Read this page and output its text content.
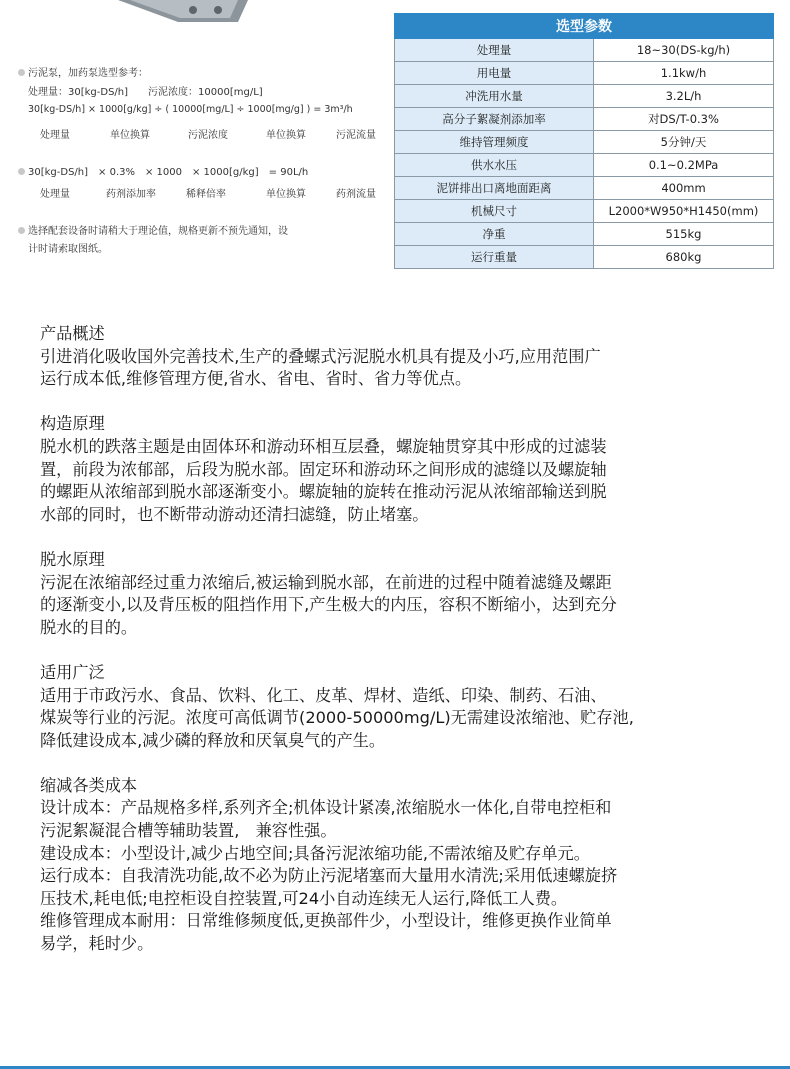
污泥泵，加药泵选型参考：
处理量：30[kg-DS/h]　　污泥浓度：10000[mg/L]
30[kg-DS/h] × 1000[g/kg] ÷ ( 10000[mg/L] ÷ 1000[mg/g] ) = 3m³/h
处理量	单位换算	污泥浓度	单位换算	污泥流量
30[kg-DS/h]　× 0.3%　× 1000　× 1000[g/kg]　= 90L/h
处理量	药剂添加率	稀释倍率	单位换算	药剂流量
选择配套设备时请稍大于理论值，规格更新不预先通知，设
计时请索取图纸。
选型参数	
处理量	18~30(DS-kg/h)
用电量	1.1kw/h
冲洗用水量	3.2L/h
高分子絮凝剂添加率	对DS/T-0.3%
维持管理频度	5分钟/天
供水水压	0.1~0.2MPa
泥饼排出口离地面距离	400mm
机械尺寸	L2000*W950*H1450(mm)
净重	515kg
运行重量	680kg

产品概述

引进消化吸收国外完善技术,生产的叠螺式污泥脱水机具有提及小巧,应用范围广

运行成本低,维修管理方便,省水、省电、省时、省力等优点。

构造原理

脱水机的跌落主题是由固体环和游动环相互层叠，螺旋轴贯穿其中形成的过滤装

置，前段为浓郁部，后段为脱水部。固定环和游动环之间形成的滤缝以及螺旋轴

的螺距从浓缩部到脱水部逐渐变小。螺旋轴的旋转在推动污泥从浓缩部输送到脱

水部的同时，也不断带动游动还清扫滤缝，防止堵塞。

脱水原理

污泥在浓缩部经过重力浓缩后,被运输到脱水部，在前进的过程中随着滤缝及螺距

的逐渐变小,以及背压板的阻挡作用下,产生极大的内压，容积不断缩小，达到充分

脱水的目的。

适用广泛

适用于市政污水、食品、饮料、化工、皮革、焊材、造纸、印染、制药、石油、

煤炭等行业的污泥。浓度可高低调节(2000-50000mg/L)无需建设浓缩池、贮存池,

降低建设成本,减少磷的释放和厌氧臭气的产生。

缩减各类成本

设计成本：产品规格多样,系列齐全;机体设计紧凑,浓缩脱水一体化,自带电控柜和

污泥絮凝混合槽等辅助装置,　兼容性强。

建设成本：小型设计,减少占地空间;具备污泥浓缩功能,不需浓缩及贮存单元。

运行成本：自我清洗功能,故不必为防止污泥堵塞而大量用水清洗;采用低速螺旋挤

压技术,耗电低;电控柜设自控装置,可24小自动连续无人运行,降低工人费。

维修管理成本耐用：日常维修频度低,更换部件少，小型设计，维修更换作业简单

易学，耗时少。
